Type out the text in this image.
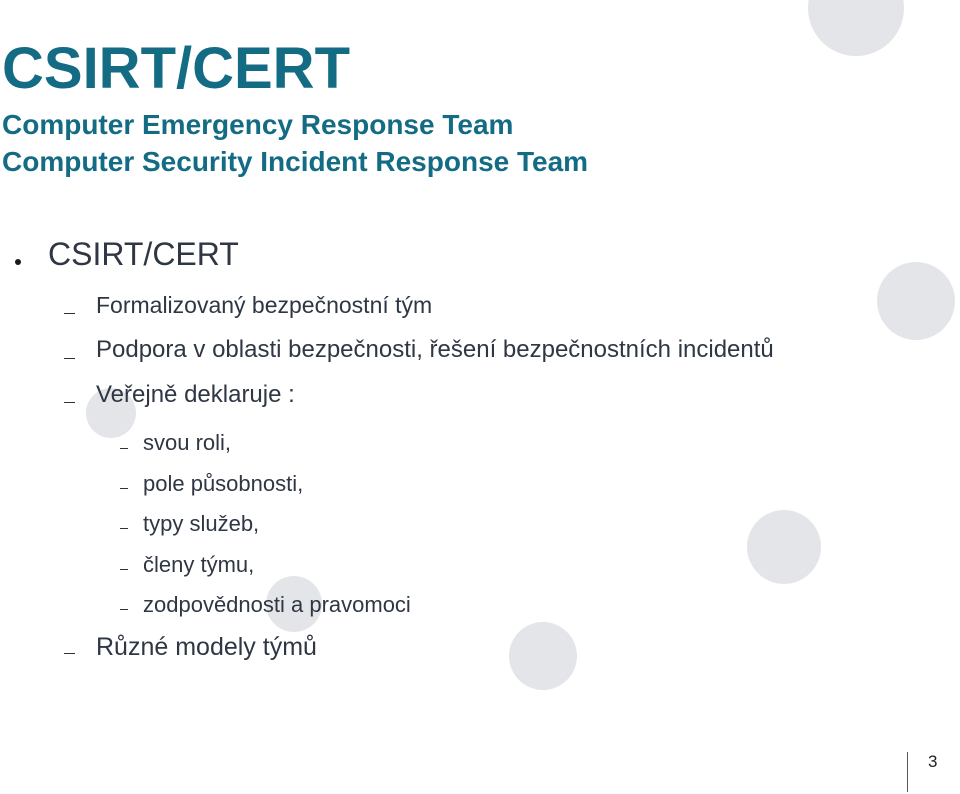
CSIRT/CERT
Computer Emergency Response Team
Computer Security Incident Response Team
CSIRT/CERT
Formalizovaný bezpečnostní tým
Podpora v oblasti bezpečnosti, řešení bezpečnostních incidentů
Veřejně deklaruje :
svou roli,
pole působnosti,
typy služeb,
členy týmu,
zodpovědnosti a pravomoci
Různé modely týmů
3
